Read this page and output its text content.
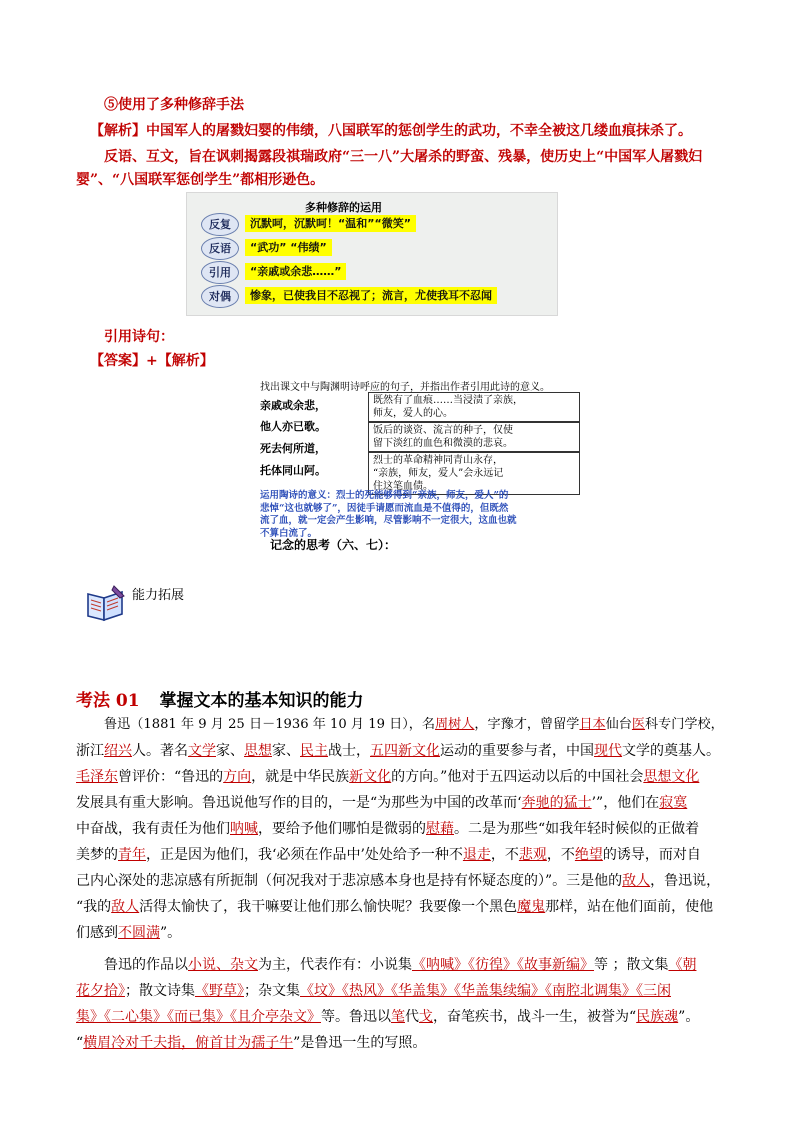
⑤使用了多种修辞手法
【解析】中国军人的屠戮妇婴的伟绩，八国联军的惩创学生的武功，不幸全被这几缕血痕抹杀了。
反语、互文，旨在讽刺揭露段祺瑞政府“三一八”大屠杀的野蛮、残暴，使历史上“中国军人屠戮妇
婴”、“八国联军惩创学生”都相形逊色。
多种修辞的运用
反复
反语
引用
对偶
沉默呵，沉默呵！“温和”“微笑”
“武功” “伟绩”
“亲戚或余悲……”
惨象，已使我目不忍视了；流言，尤使我耳不忍闻
引用诗句：
【答案】+【解析】
找出课文中与陶渊明诗呼应的句子，并指出作者引用此诗的意义。
亲戚或余悲，
他人亦已歌。
死去何所道，
托体同山阿。
既然有了血痕……当浸渍了亲族，
师友，爱人的心。
饭后的谈资、流言的种子，仅使
留下淡红的血色和微漠的悲哀。
烈士的革命精神同青山永存，
“亲族，师友，爱人”会永远记
住这笔血债。
运用陶诗的意义：烈士的死能够得到“亲族，师友，爱人”的
悲悼“这也就够了”，因徒手请愿而流血是不值得的，但既然
流了血，就一定会产生影响，尽管影响不一定很大，这血也就
不算白流了。
记念的思考（六、七）：
能力拓展
考法 01 掌握文本的基本知识的能力
鲁迅（1881 年 9 月 25 日－1936 年 10 月 19 日），名周树人，字豫才，曾留学日本仙台医科专门学校，
浙江绍兴人。著名文学家、思想家、民主战士，五四新文化运动的重要参与者，中国现代文学的奠基人。
毛泽东曾评价：“鲁迅的方向，就是中华民族新文化的方向。”他对于五四运动以后的中国社会思想文化
发展具有重大影响。鲁迅说他写作的目的，一是“为那些为中国的改革而‘奔驰的猛士’”，他们在寂寞
中奋战，我有责任为他们呐喊，要给予他们哪怕是微弱的慰藉。二是为那些“如我年轻时候似的正做着
美梦的青年，正是因为他们，我‘必须在作品中’处处给予一种不退走，不悲观，不绝望的诱导，而对自
己内心深处的悲凉感有所扼制（何况我对于悲凉感本身也是持有怀疑态度的）”。三是他的敌人，鲁迅说，
“我的敌人活得太愉快了，我干嘛要让他们那么愉快呢？我要像一个黑色魔鬼那样，站在他们面前，使他
们感到不圆满”。
鲁迅的作品以小说、杂文为主，代表作有：小说集《呐喊》《彷徨》《故事新编》等 ；散文集《朝
花夕拾》；散文诗集《野草》；杂文集《坟》《热风》《华盖集》《华盖集续编》《南腔北调集》《三闲
集》《二心集》《而已集》《且介亭杂文》等。鲁迅以笔代戈，奋笔疾书，战斗一生，被誉为“民族魂”。
“横眉冷对千夫指，俯首甘为孺子牛”是鲁迅一生的写照。
